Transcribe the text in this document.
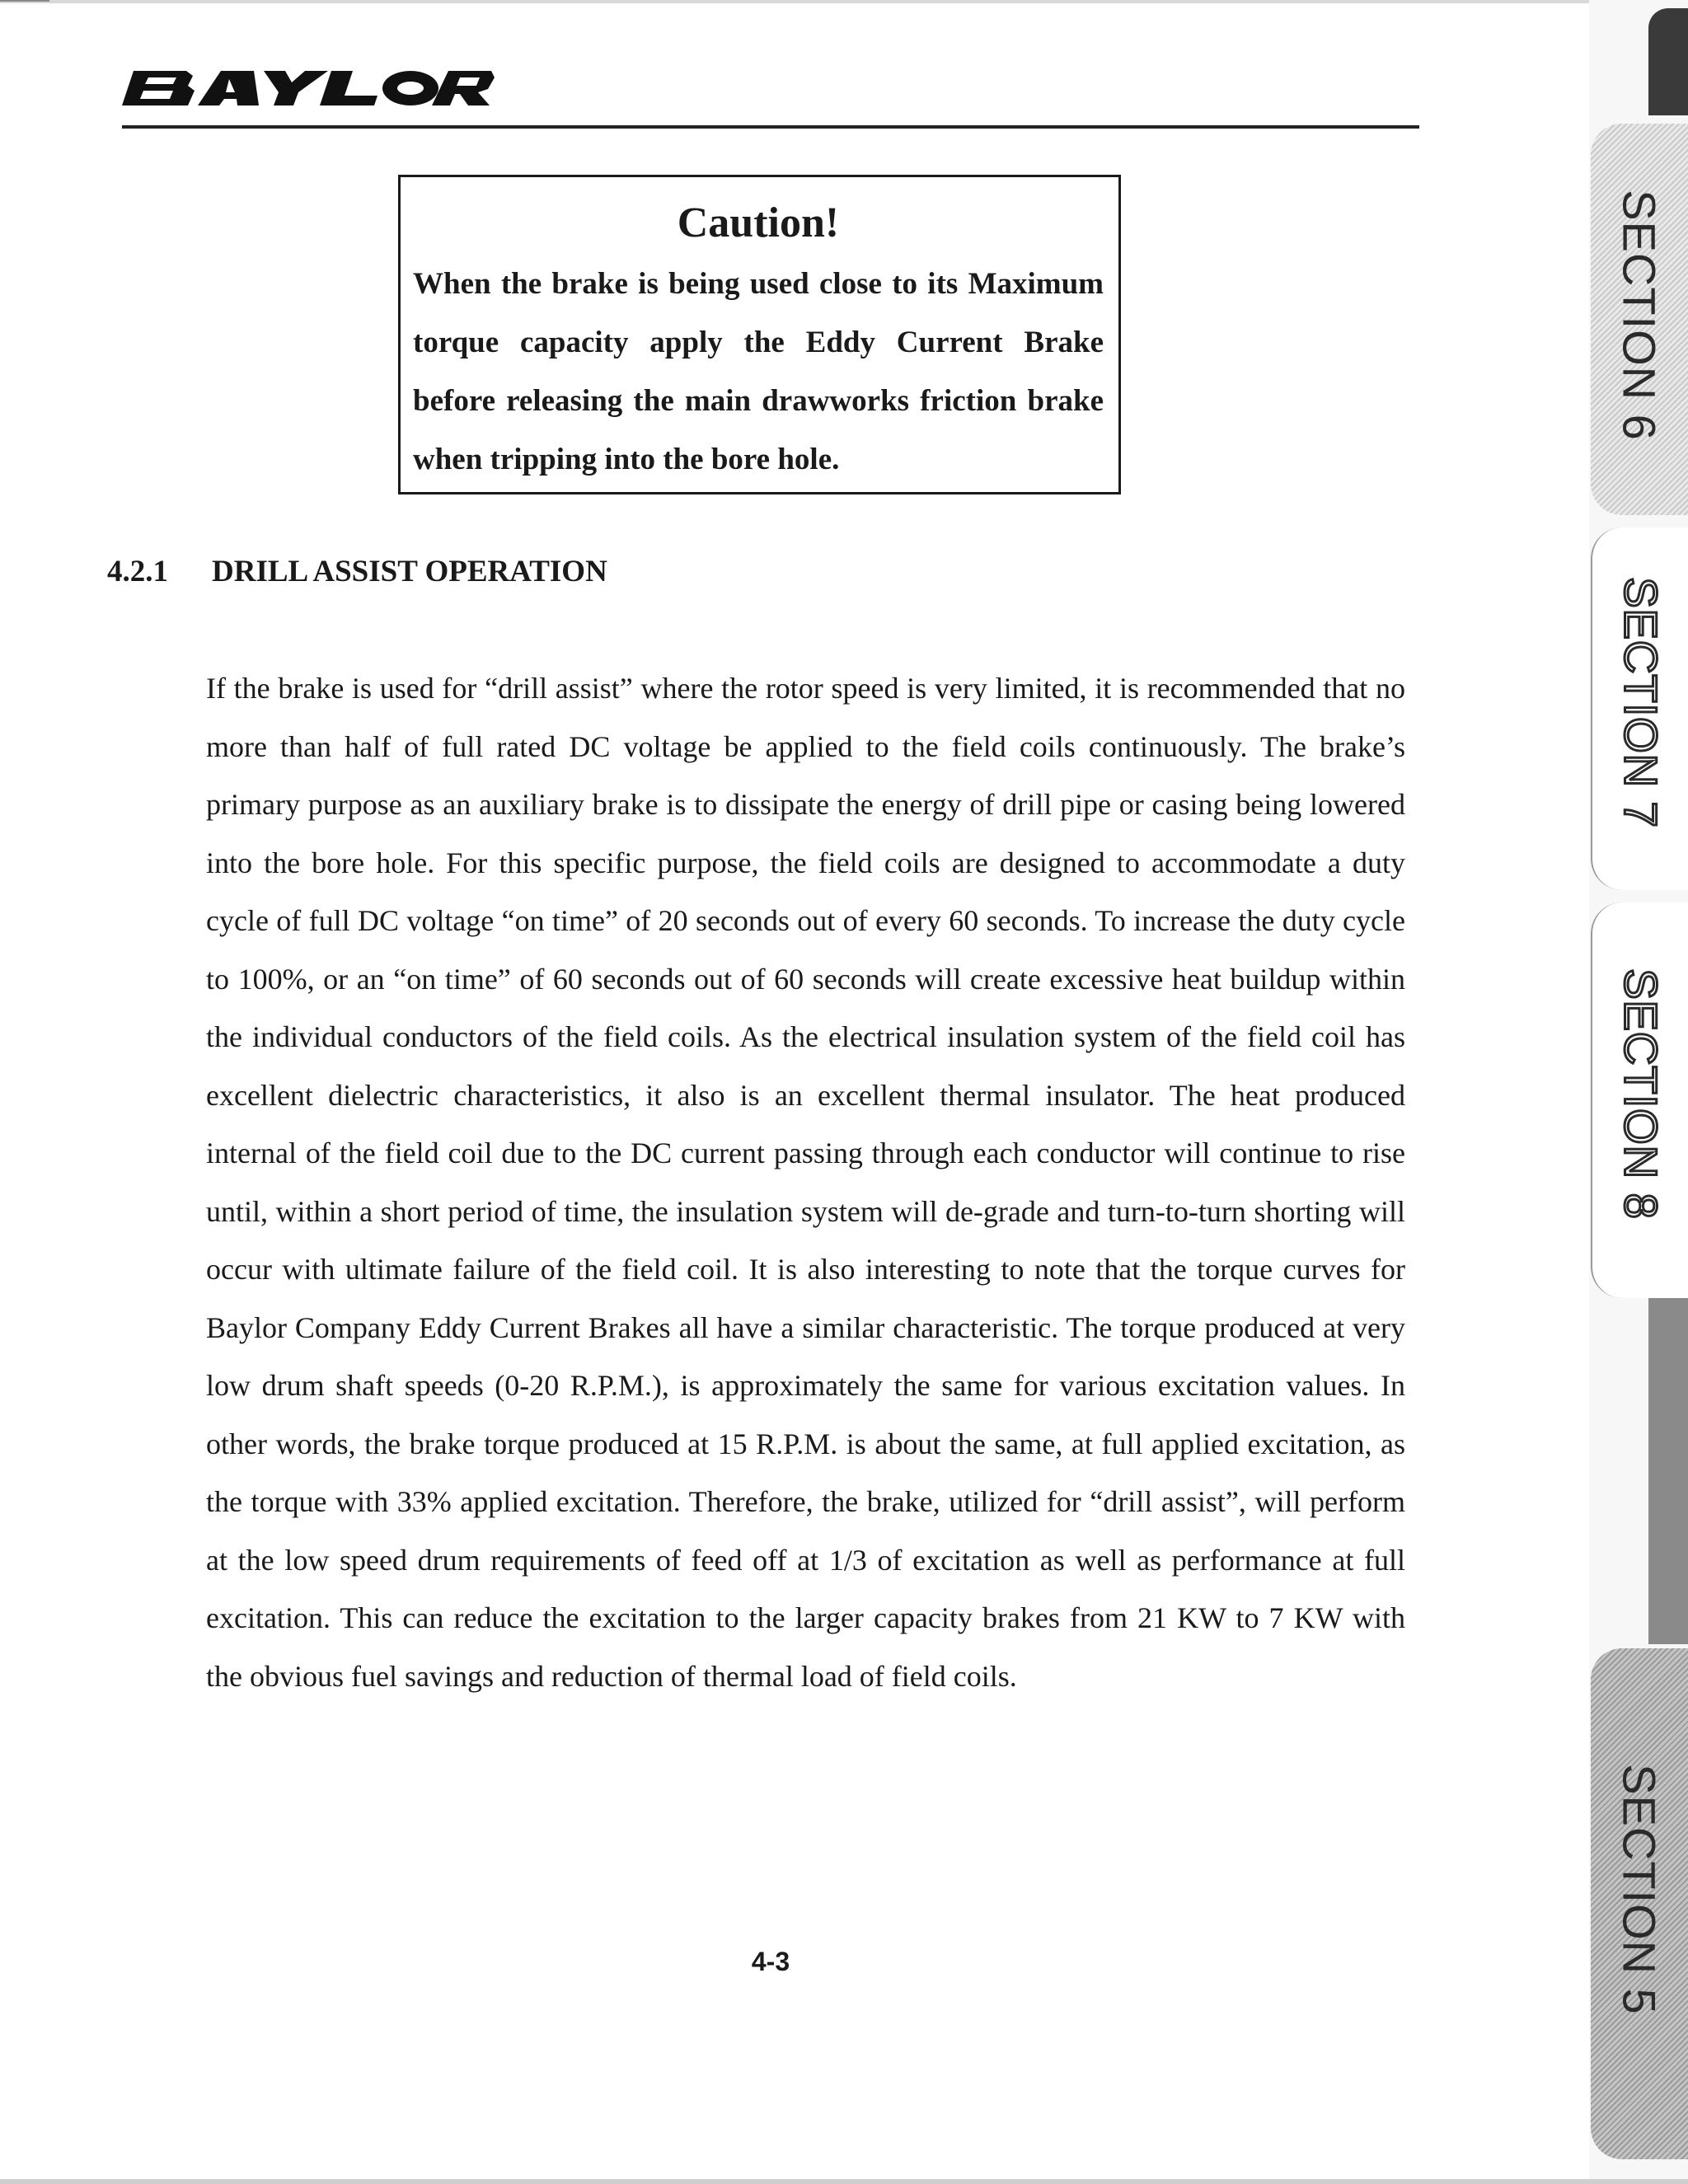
Caution!
When the brake is being used close to its Maximum torque capacity apply the Eddy Current Brake before releasing the main drawworks friction brake when tripping into the bore hole.
4.2.1 DRILL ASSIST OPERATION
If the brake is used for “drill assist” where the rotor speed is very limited, it is recommended that no more than half of full rated DC voltage be applied to the field coils continuously. The brake’s primary purpose as an auxiliary brake is to dissipate the energy of drill pipe or casing being lowered into the bore hole. For this specific purpose, the field coils are designed to accommodate a duty cycle of full DC voltage “on time” of 20 seconds out of every 60 seconds. To increase the duty cycle to 100%, or an “on time” of 60 seconds out of 60 seconds will create excessive heat buildup within the individual conductors of the field coils. As the electrical insulation system of the field coil has excellent dielectric characteristics, it also is an excellent thermal insulator. The heat produced internal of the field coil due to the DC current passing through each conductor will continue to rise until, within a short period of time, the insulation system will de-grade and turn-to-turn shorting will occur with ultimate failure of the field coil. It is also interesting to note that the torque curves for Baylor Company Eddy Current Brakes all have a similar characteristic. The torque produced at very low drum shaft speeds (0-20 R.P.M.), is approximately the same for various excitation values. In other words, the brake torque produced at 15 R.P.M. is about the same, at full applied excitation, as the torque with 33% applied excitation. Therefore, the brake, utilized for “drill assist”, will perform at the low speed drum requirements of feed off at 1/3 of excitation as well as performance at full excitation. This can reduce the excitation to the larger capacity brakes from 21 KW to 7 KW with the obvious fuel savings and reduction of thermal load of field coils.
4-3
SECTION 6
SECTION 7
SECTION 8
SECTION 5
